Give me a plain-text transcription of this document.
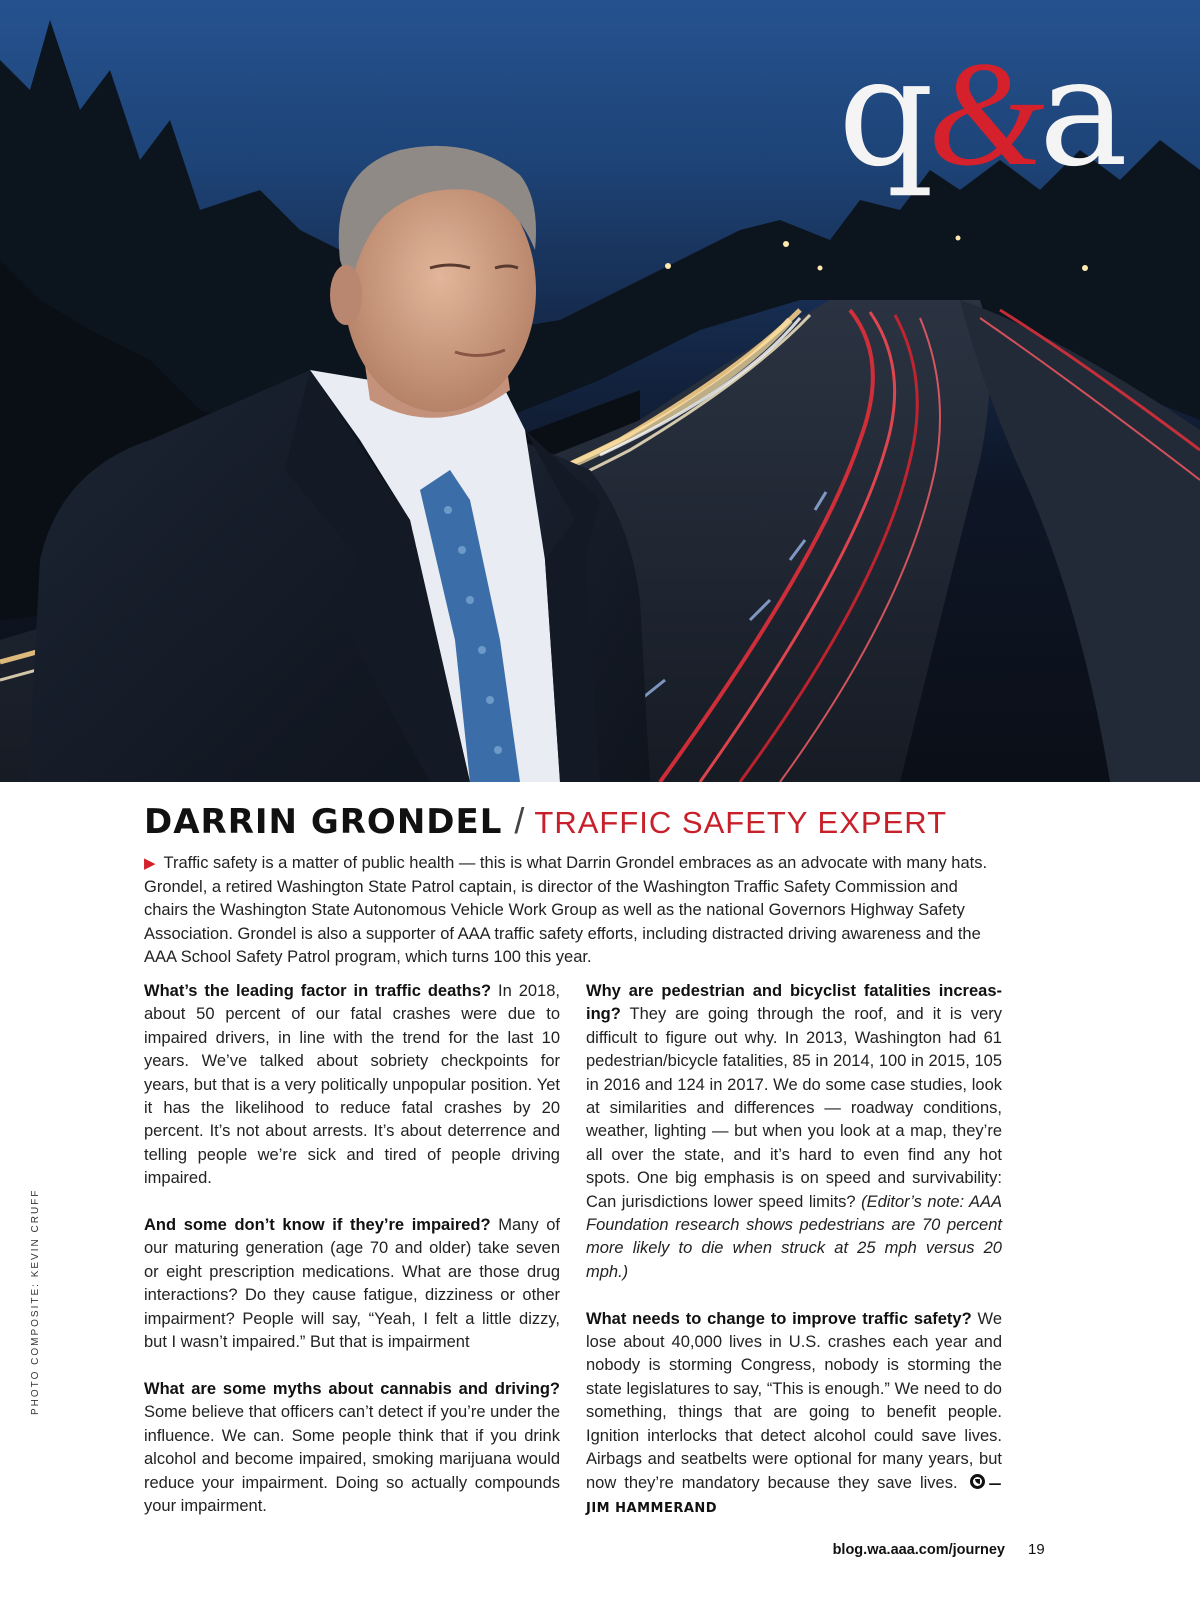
q&a
DARRIN GRONDEL / TRAFFIC SAFETY EXPERT
▶ Traffic safety is a matter of public health — this is what Darrin Grondel embraces as an advocate with many hats. Grondel, a retired Washington State Patrol captain, is director of the Washington Traffic Safety Commission and chairs the Washington State Autonomous Vehicle Work Group as well as the national Governors Highway Safety Association. Grondel is also a supporter of AAA traffic safety efforts, including distracted driving awareness and the AAA School Safety Patrol program, which turns 100 this year.

What’s the leading factor in traffic deaths? In 2018, about 50 percent of our fatal crashes were due to impaired drivers, in line with the trend for the last 10 years. We’ve talked about sobriety checkpoints for years, but that is a very politically unpopular position. Yet it has the likelihood to reduce fatal crashes by 20 percent. It’s not about arrests. It’s about deterrence and telling people we’re sick and tired of people driving impaired.

And some don’t know if they’re impaired? Many of our maturing generation (age 70 and older) take seven or eight prescription medications. What are those drug interactions? Do they cause fatigue, dizziness or other impairment? People will say, “Yeah, I felt a little dizzy, but I wasn’t impaired.” But that is impairment

What are some myths about cannabis and driving? Some believe that officers can’t detect if you’re under the influence. We can. Some people think that if you drink alcohol and become impaired, smoking marijuana would reduce your impairment. Doing so actually compounds your impairment.

Why are pedestrian and bicyclist fatalities increasing? They are going through the roof, and it is very difficult to figure out why. In 2013, Washington had 61 pedestrian/bicycle fatalities, 85 in 2014, 100 in 2015, 105 in 2016 and 124 in 2017. We do some case studies, look at similarities and differences — roadway conditions, weather, lighting — but when you look at a map, they’re all over the state, and it’s hard to even find any hot spots. One big emphasis is on speed and survivability: Can jurisdictions lower speed limits? (Editor’s note: AAA Foundation research shows pedestrians are 70 percent more likely to die when struck at 25 mph versus 20 mph.)

What needs to change to improve traffic safety? We lose about 40,000 lives in U.S. crashes each year and nobody is storming Congress, nobody is storming the state legislatures to say, “This is enough.” We need to do something, things that are going to benefit people. Ignition interlocks that detect alcohol could save lives. Airbags and seatbelts were optional for many years, but now they’re mandatory because they save lives. — JIM HAMMERAND

PHOTO COMPOSITE: KEVIN CRUFF
blog.wa.aaa.com/journey 19
